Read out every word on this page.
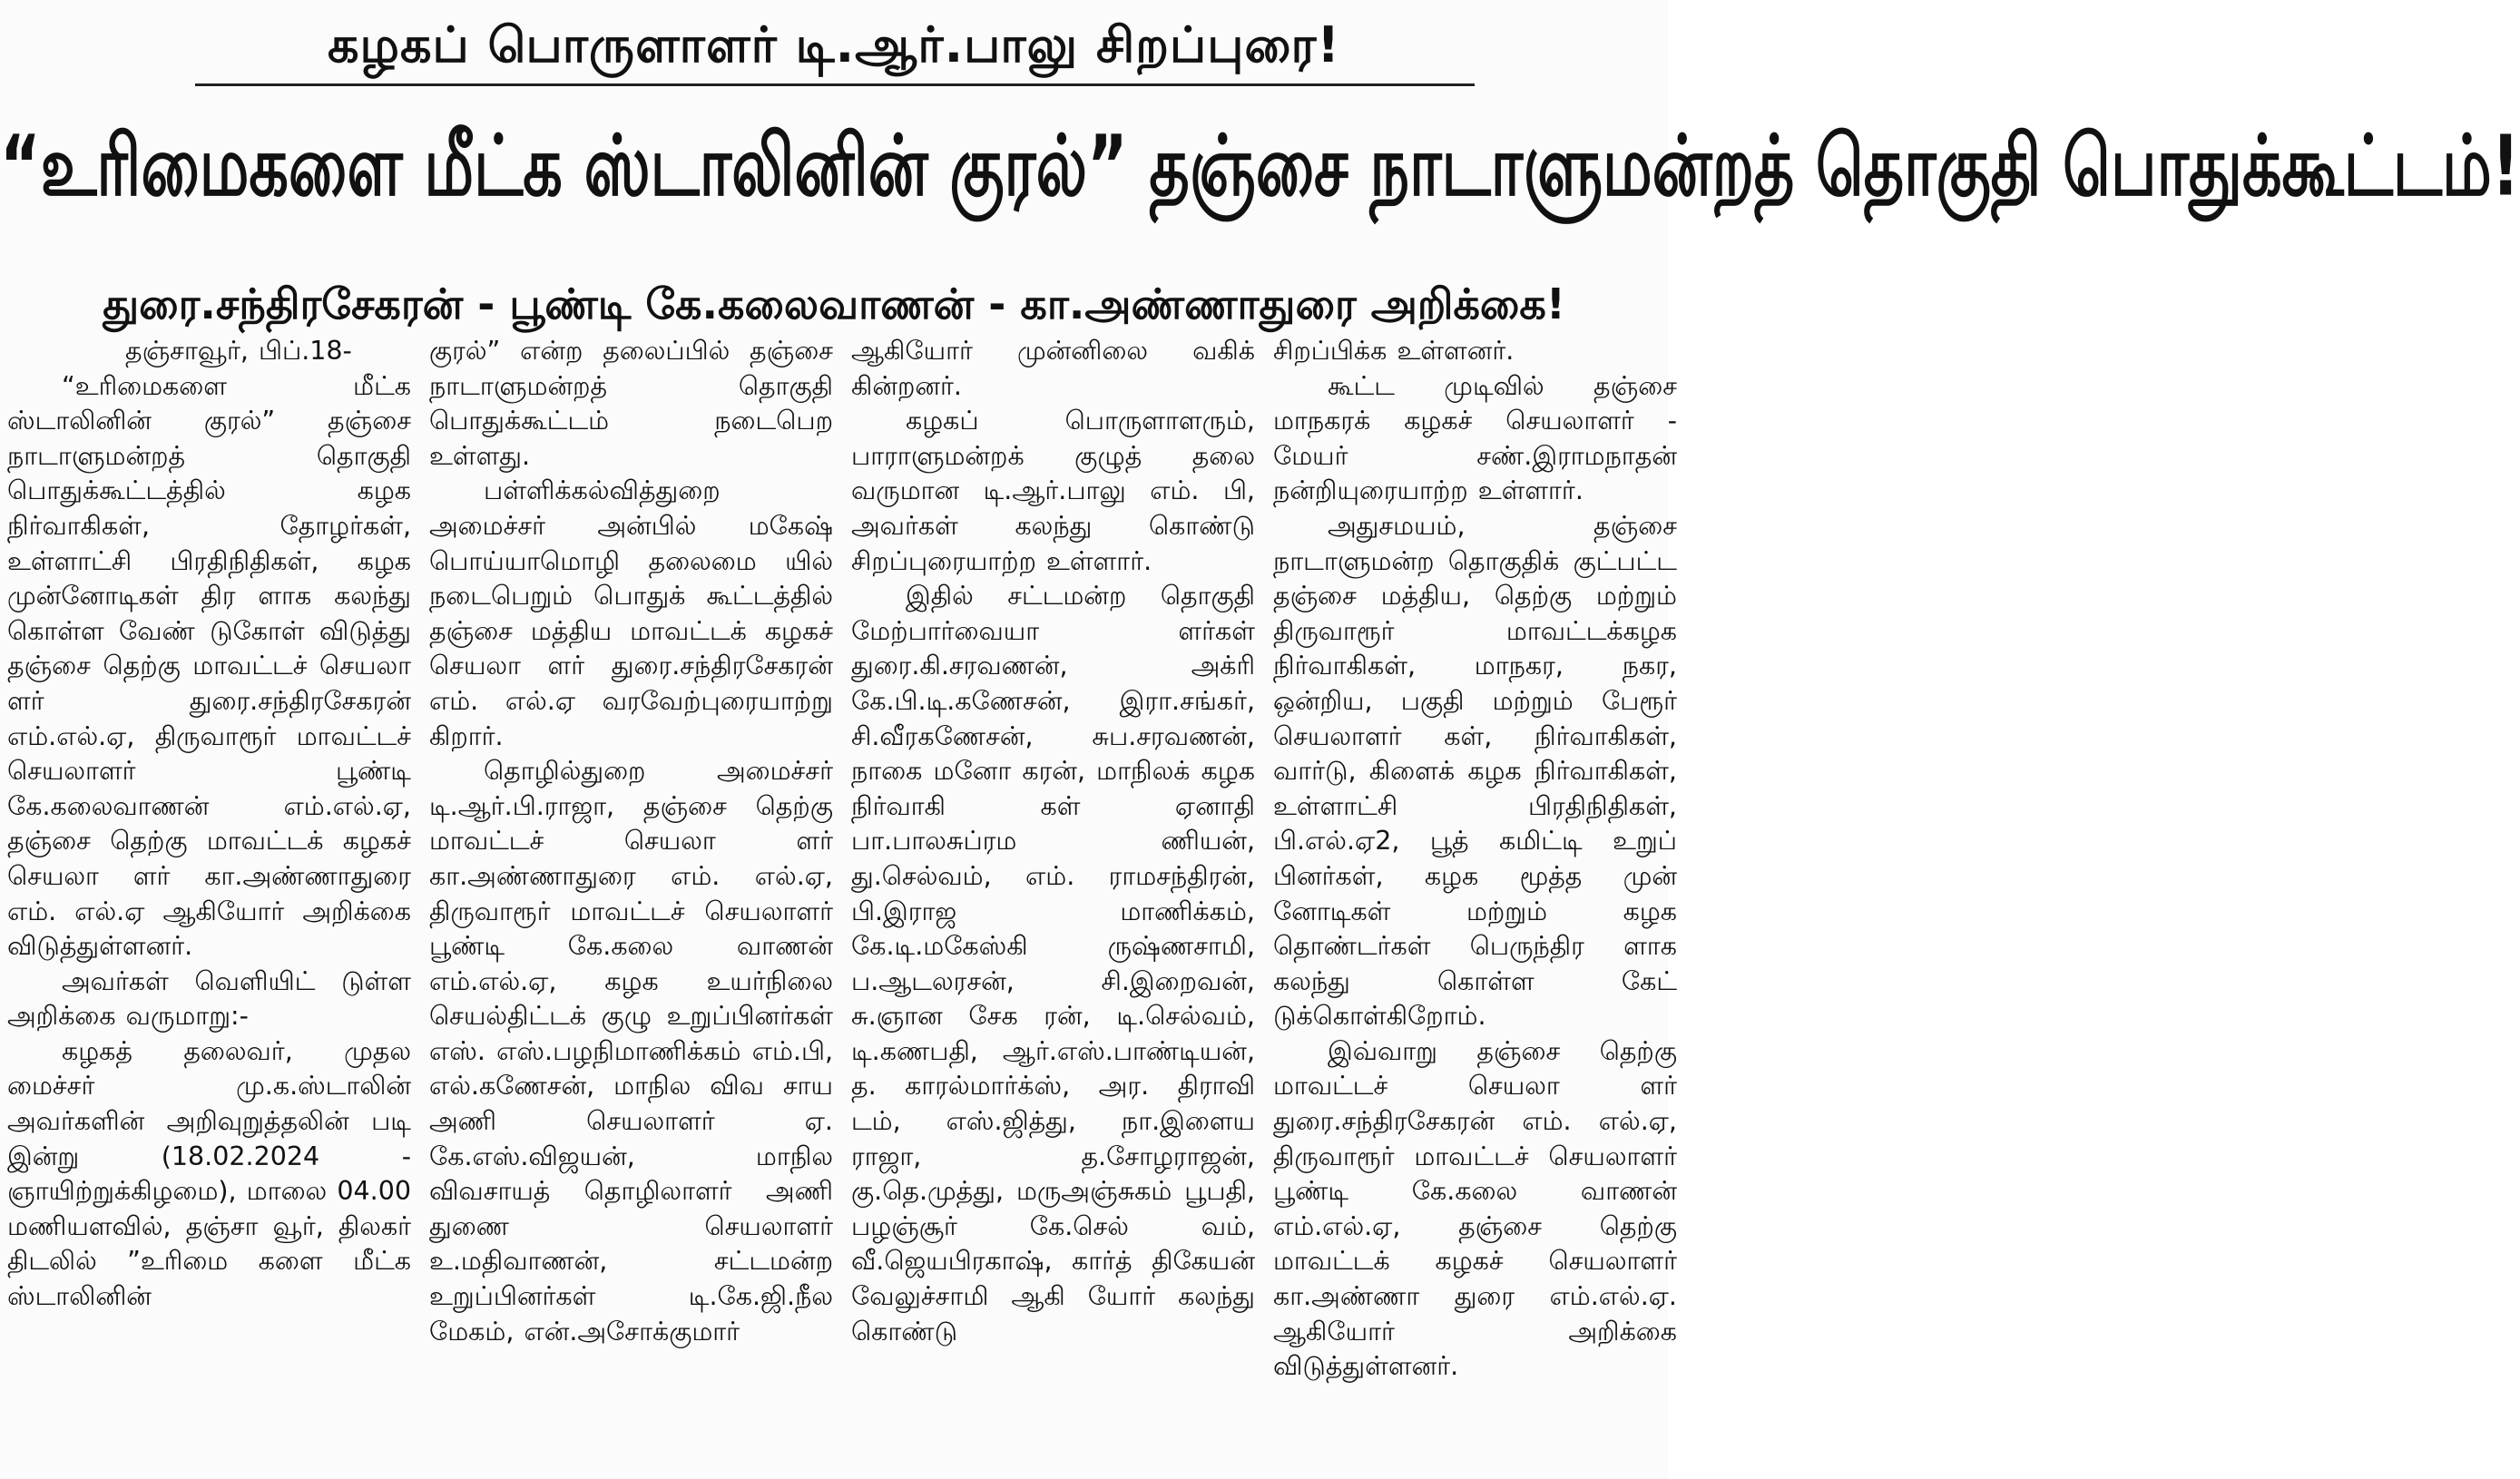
கழகப் பொருளாளர் டி.ஆர்.பாலு சிறப்புரை!
“உரிமைகளை மீட்க ஸ்டாலினின் குரல்” தஞ்சை நாடாளுமன்றத் தொகுதி பொதுக்கூட்டம்!
துரை.சந்திரசேகரன் - பூண்டி கே.கலைவாணன் - கா.அண்ணாதுரை அறிக்கை!
தஞ்சாவூர், பிப்.18-

“உரிமைகளை மீட்க ஸ்டாலினின் குரல்” தஞ்சை நாடாளுமன்றத் தொகுதி பொதுக்கூட்டத்தில் கழக நிர்வாகிகள், தோழர்கள், உள்ளாட்சி பிரதிநிதிகள், கழக முன்னோடிகள் திர ளாக கலந்து கொள்ள வேண் டுகோள் விடுத்து தஞ்சை தெற்கு மாவட்டச் செயலா ளர் துரை.சந்திரசேகரன் எம்.எல்.ஏ, திருவாரூர் மாவட்டச் செயலாளர் பூண்டி கே.கலைவாணன் எம்.எல்.ஏ, தஞ்சை தெற்கு மாவட்டக் கழகச் செயலா ளர் கா.அண்ணாதுரை எம். எல்.ஏ ஆகியோர் அறிக்கை விடுத்துள்ளனர்.

அவர்கள் வெளியிட் டுள்ள அறிக்கை வருமாறு:-

கழகத் தலைவர், முதல மைச்சர் மு.க.ஸ்டாலின் அவர்களின் அறிவுறுத்தலின் படி இன்று (18.02.2024 - ஞாயிற்றுக்கிழமை), மாலை 04.00 மணியளவில், தஞ்சா வூர், திலகர் திடலில் ”உரிமை களை மீட்க ஸ்டாலினின்

குரல்” என்ற தலைப்பில் தஞ்சை நாடாளுமன்றத் தொகுதி பொதுக்கூட்டம் நடைபெற உள்ளது.

பள்ளிக்கல்வித்துறை அமைச்சர் அன்பில் மகேஷ் பொய்யாமொழி தலைமை யில் நடைபெறும் பொதுக் கூட்டத்தில் தஞ்சை மத்திய மாவட்டக் கழகச் செயலா ளர் துரை.சந்திரசேகரன் எம். எல்.ஏ வரவேற்புரையாற்று கிறார்.

தொழில்துறை அமைச்சர் டி.ஆர்.பி.ராஜா, தஞ்சை தெற்கு மாவட்டச் செயலா ளர் கா.அண்ணாதுரை எம். எல்.ஏ, திருவாரூர் மாவட்டச் செயலாளர் பூண்டி கே.கலை வாணன் எம்.எல்.ஏ, கழக உயர்நிலை செயல்திட்டக் குழு உறுப்பினர்கள் எஸ். எஸ்.பழநிமாணிக்கம் எம்.பி, எல்.கணேசன், மாநில விவ சாய அணி செயலாளர் ஏ. கே.எஸ்.விஜயன், மாநில விவசாயத் தொழிலாளர் அணி துணை செயலாளர் உ.மதிவாணன், சட்டமன்ற உறுப்பினர்கள் டி.கே.ஜி.நீல மேகம், என்.அசோக்குமார்

ஆகியோர் முன்னிலை வகிக் கின்றனர்.

கழகப் பொருளாளரும், பாராளுமன்றக் குழுத் தலை வருமான டி.ஆர்.பாலு எம். பி, அவர்கள் கலந்து கொண்டு சிறப்புரையாற்ற உள்ளார்.

இதில் சட்டமன்ற தொகுதி மேற்பார்வையா ளர்கள் துரை.கி.சரவணன், அக்ரி கே.பி.டி.கணேசன், இரா.சங்கர், சி.வீரகணேசன், சுப.சரவணன், நாகை மனோ கரன், மாநிலக் கழக நிர்வாகி கள் ஏனாதி பா.பாலசுப்ரம ணியன், து.செல்வம், எம். ராமசந்திரன், பி.இராஜ மாணிக்கம், கே.டி.மகேஸ்கி ருஷ்ணசாமி, ப.ஆடலரசன், சி.இறைவன், சு.ஞான சேக ரன், டி.செல்வம், டி.கணபதி, ஆர்.எஸ்.பாண்டியன், த. காரல்மார்க்ஸ், அர. திராவி டம், எஸ்.ஜித்து, நா.இளைய ராஜா, த.சோழராஜன், கு.தெ.முத்து, மருஅஞ்சுகம் பூபதி, பழஞ்சூர் கே.செல் வம், வீ.ஜெயபிரகாஷ், கார்த் திகேயன் வேலுச்சாமி ஆகி யோர் கலந்து கொண்டு

சிறப்பிக்க உள்ளனர்.

கூட்ட முடிவில் தஞ்சை மாநகரக் கழகச் செயலாளர் - மேயர் சண்.இராமநாதன் நன்றியுரையாற்ற உள்ளார்.

அதுசமயம், தஞ்சை நாடாளுமன்ற தொகுதிக் குட்பட்ட தஞ்சை மத்திய, தெற்கு மற்றும் திருவாரூர் மாவட்டக்கழக நிர்வாகிகள், மாநகர, நகர, ஒன்றிய, பகுதி மற்றும் பேரூர் செயலாளர் கள், நிர்வாகிகள், வார்டு, கிளைக் கழக நிர்வாகிகள், உள்ளாட்சி பிரதிநிதிகள், பி.எல்.ஏ2, பூத் கமிட்டி உறுப் பினர்கள், கழக மூத்த முன் னோடிகள் மற்றும் கழக தொண்டர்கள் பெருந்திர ளாக கலந்து கொள்ள கேட் டுக்கொள்கிறோம்.

இவ்வாறு தஞ்சை தெற்கு மாவட்டச் செயலா ளர் துரை.சந்திரசேகரன் எம். எல்.ஏ, திருவாரூர் மாவட்டச் செயலாளர் பூண்டி கே.கலை வாணன் எம்.எல்.ஏ, தஞ்சை தெற்கு மாவட்டக் கழகச் செயலாளர் கா.அண்ணா துரை எம்.எல்.ஏ. ஆகியோர் அறிக்கை விடுத்துள்ளனர்.
